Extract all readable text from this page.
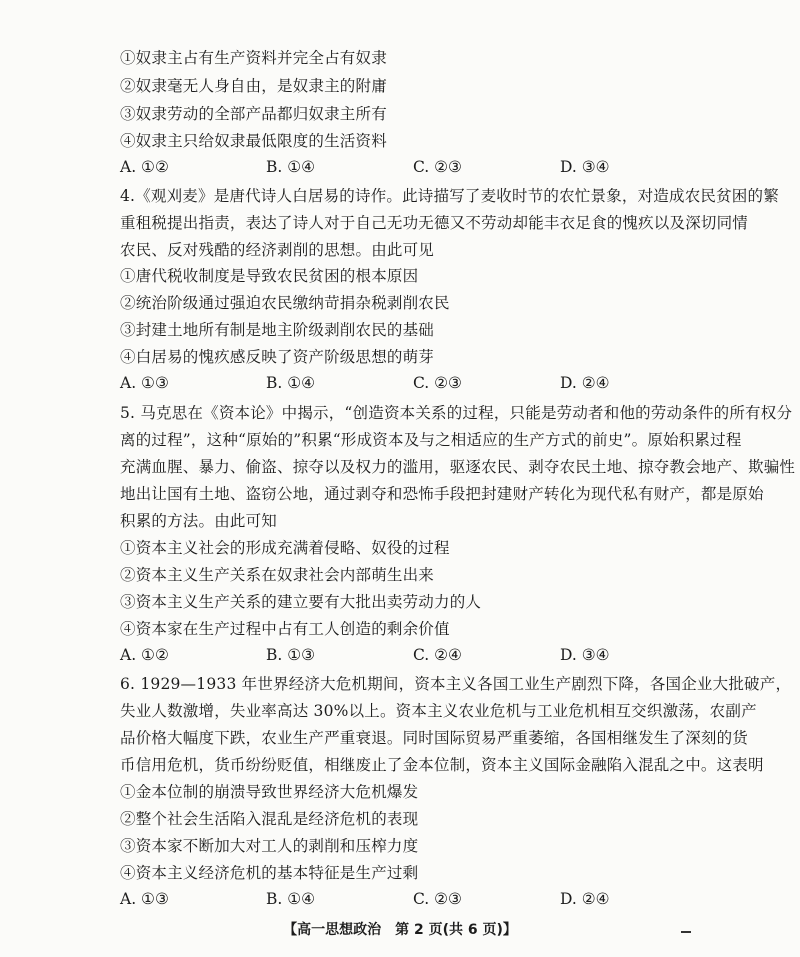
①奴隶主占有生产资料并完全占有奴隶
②奴隶毫无人身自由，是奴隶主的附庸
③奴隶劳动的全部产品都归奴隶主所有
④奴隶主只给奴隶最低限度的生活资料
A. ①②	B. ①④	C. ②③	D. ③④
4.《观刈麦》是唐代诗人白居易的诗作。此诗描写了麦收时节的农忙景象，对造成农民贫困的繁
重租税提出指责，表达了诗人对于自己无功无德又不劳动却能丰衣足食的愧疚以及深切同情
农民、反对残酷的经济剥削的思想。由此可见
①唐代税收制度是导致农民贫困的根本原因
②统治阶级通过强迫农民缴纳苛捐杂税剥削农民
③封建土地所有制是地主阶级剥削农民的基础
④白居易的愧疚感反映了资产阶级思想的萌芽
A. ①③	B. ①④	C. ②③	D. ②④
5. 马克思在《资本论》中揭示，“创造资本关系的过程，只能是劳动者和他的劳动条件的所有权分
离的过程”，这种“原始的”积累“形成资本及与之相适应的生产方式的前史”。原始积累过程
充满血腥、暴力、偷盗、掠夺以及权力的滥用，驱逐农民、剥夺农民土地、掠夺教会地产、欺骗性
地出让国有土地、盗窃公地，通过剥夺和恐怖手段把封建财产转化为现代私有财产，都是原始
积累的方法。由此可知
①资本主义社会的形成充满着侵略、奴役的过程
②资本主义生产关系在奴隶社会内部萌生出来
③资本主义生产关系的建立要有大批出卖劳动力的人
④资本家在生产过程中占有工人创造的剩余价值
A. ①②	B. ①③	C. ②④	D. ③④
6. 1929—1933 年世界经济大危机期间，资本主义各国工业生产剧烈下降，各国企业大批破产，
失业人数激增，失业率高达 30%以上。资本主义农业危机与工业危机相互交织激荡，农副产
品价格大幅度下跌，农业生产严重衰退。同时国际贸易严重萎缩，各国相继发生了深刻的货
币信用危机，货币纷纷贬值，相继废止了金本位制，资本主义国际金融陷入混乱之中。这表明
①金本位制的崩溃导致世界经济大危机爆发
②整个社会生活陷入混乱是经济危机的表现
③资本家不断加大对工人的剥削和压榨力度
④资本主义经济危机的基本特征是生产过剩
A. ①③	B. ①④	C. ②③	D. ②④
【高一思想政治　第 2 页(共 6 页)】
